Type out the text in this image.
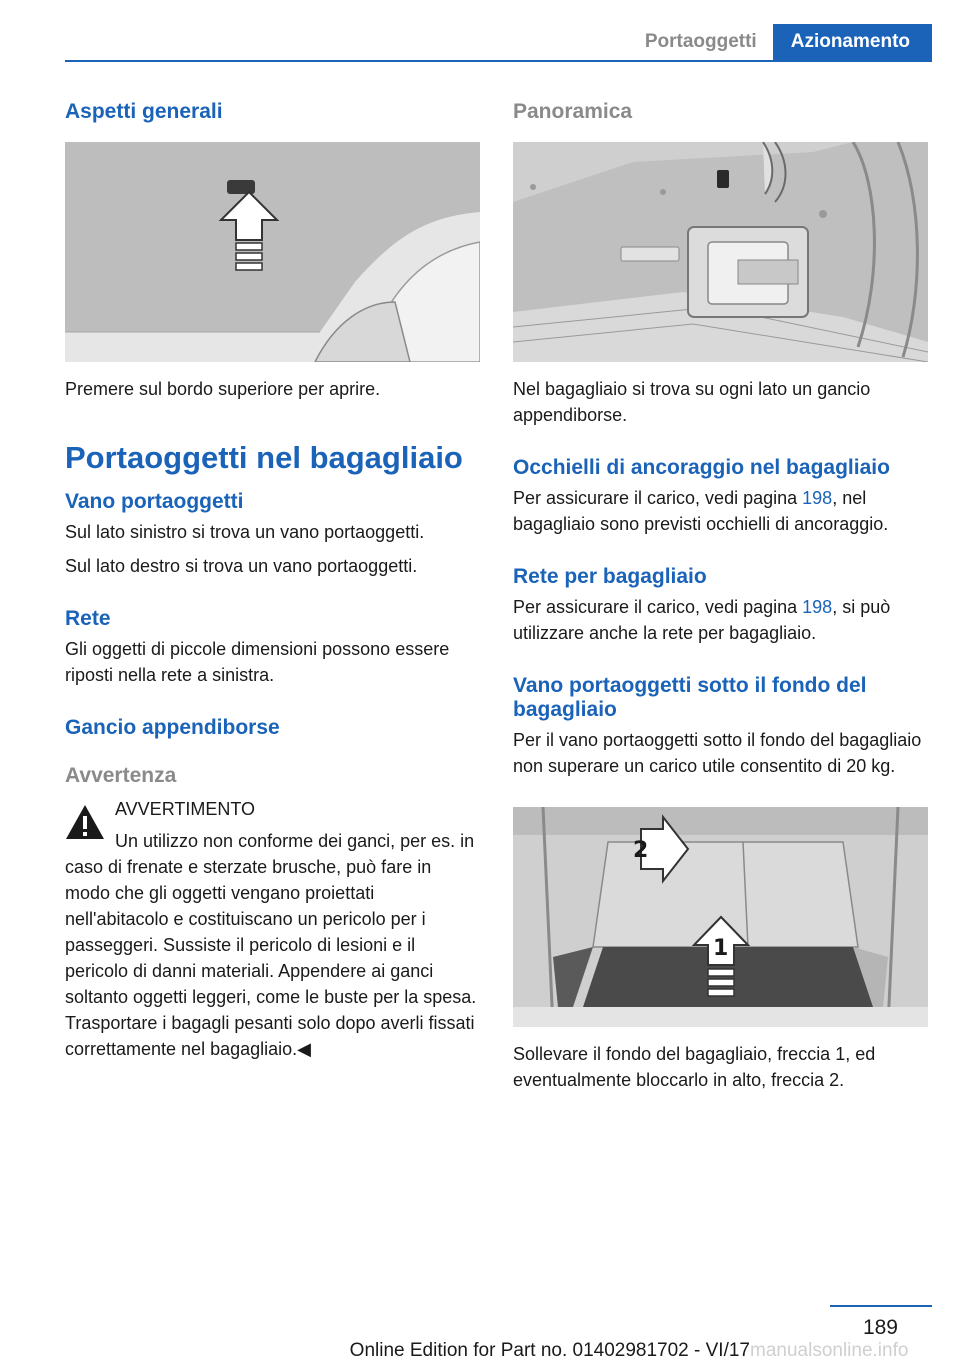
Portaoggetti	Azionamento
Aspetti generali

Premere sul bordo superiore per aprire.

Portaoggetti nel bagagliaio
Vano portaoggetti

Sul lato sinistro si trova un vano portaoggetti.

Sul lato destro si trova un vano portaoggetti.

Rete

Gli oggetti di piccole dimensioni possono essere riposti nella rete a sinistra.

Gancio appendiborse
Avvertenza

AVVERTIMENTO

Un utilizzo non conforme dei ganci, per es. in caso di frenate e sterzate brusche, può fare in modo che gli oggetti vengano proiettati nell'abitacolo e costituiscano un pericolo per i passeggeri. Sussiste il pericolo di lesioni e il pericolo di danni materiali. Appendere ai ganci soltanto oggetti leggeri, come le buste per la spesa. Trasportare i bagagli pesanti solo dopo averli fissati correttamente nel bagagliaio.◀

Panoramica

Nel bagagliaio si trova su ogni lato un gancio appendiborse.

Occhielli di ancoraggio nel bagagliaio

Per assicurare il carico, vedi pagina 198, nel bagagliaio sono previsti occhielli di ancoraggio.

Rete per bagagliaio

Per assicurare il carico, vedi pagina 198, si può utilizzare anche la rete per bagagliaio.

Vano portaoggetti sotto il fondo del bagagliaio

Per il vano portaoggetti sotto il fondo del bagagliaio non superare un carico utile consentito di 20 kg.

2
1

Sollevare il fondo del bagagliaio, freccia 1, ed eventualmente bloccarlo in alto, freccia 2.

189
Online Edition for Part no. 01402981702 - VI/17 manualsonline.info
